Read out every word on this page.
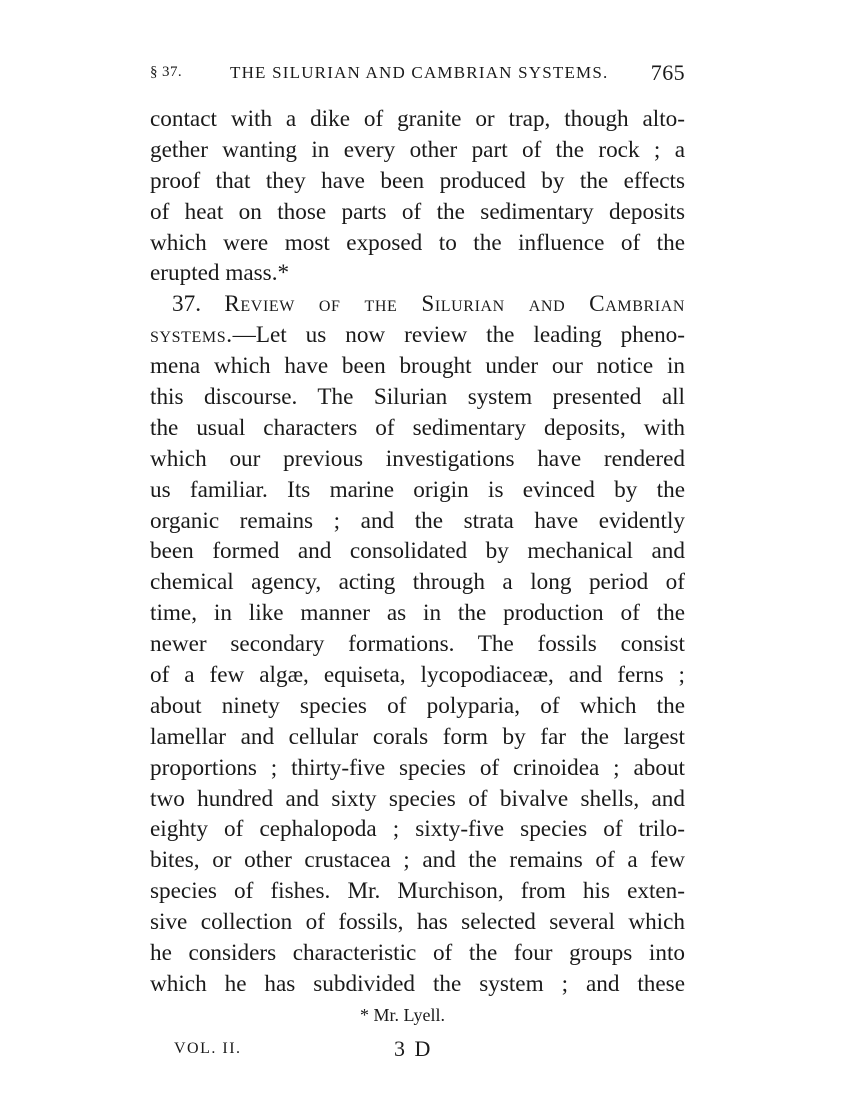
§ 37.	THE SILURIAN AND CAMBRIAN SYSTEMS. 765
contact with a dike of granite or trap, though alto-
gether wanting in every other part of the rock ; a
proof that they have been produced by the effects
of heat on those parts of the sedimentary deposits
which were most exposed to the influence of the
erupted mass.*
37. Review of the Silurian and Cambrian
systems.—Let us now review the leading pheno-
mena which have been brought under our notice in
this discourse. The Silurian system presented all
the usual characters of sedimentary deposits, with
which our previous investigations have rendered
us familiar. Its marine origin is evinced by the
organic remains ; and the strata have evidently
been formed and consolidated by mechanical and
chemical agency, acting through a long period of
time, in like manner as in the production of the
newer secondary formations. The fossils consist
of a few algæ, equiseta, lycopodiaceæ, and ferns ;
about ninety species of polyparia, of which the
lamellar and cellular corals form by far the largest
proportions ; thirty-five species of crinoidea ; about
two hundred and sixty species of bivalve shells, and
eighty of cephalopoda ; sixty-five species of trilo-
bites, or other crustacea ; and the remains of a few
species of fishes. Mr. Murchison, from his exten-
sive collection of fossils, has selected several which
he considers characteristic of the four groups into
which he has subdivided the system ; and these
* Mr. Lyell.
VOL. II.	3 D
